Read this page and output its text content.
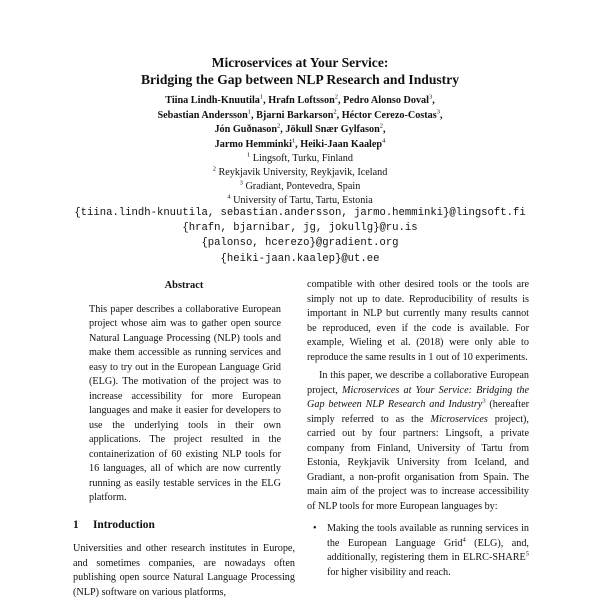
Microservices at Your Service:
Bridging the Gap between NLP Research and Industry
Tiina Lindh-Knuutila$^1$, Hrafn Loftsson$^2$, Pedro Alonso Doval$^3$,
Sebastian Andersson$^1$, Bjarni Barkarson$^2$, Héctor Cerezo-Costas$^3$,
Jón Guðnason$^2$, Jökull Snær Gylfason$^2$,
Jarmo Hemminki$^1$, Heiki-Jaan Kaalep$^4$
$^1$ Lingsoft, Turku, Finland
$^2$ Reykjavik University, Reykjavik, Iceland
$^3$ Gradiant, Pontevedra, Spain
$^4$ University of Tartu, Tartu, Estonia
{tiina.lindh-knuutila, sebastian.andersson, jarmo.hemminki}@lingsoft.fi
{hrafn, bjarnibar, jg, jokullg}@ru.is
{palonso, hcerezo}@gradient.org
{heiki-jaan.kaalep}@ut.ee
Abstract
This paper describes a collaborative European project whose aim was to gather open source Natural Language Processing (NLP) tools and make them accessible as running services and easy to try out in the European Language Grid (ELG). The motivation of the project was to increase accessibility for more European languages and make it easier for developers to use the underlying tools in their own applications. The project resulted in the containerization of 60 existing NLP tools for 16 languages, all of which are now currently running as easily testable services in the ELG platform.
1 Introduction

Universities and other research institutes in Europe, and sometimes companies, are nowadays often publishing open source Natural Language Processing (NLP) software on various platforms,

compatible with other desired tools or the tools are simply not up to date. Reproducibility of results is important in NLP but currently many results cannot be reproduced, even if the code is available. For example, Wieling et al. (2018) were only able to reproduce the same results in 1 out of 10 experiments.

In this paper, we describe a collaborative European project, Microservices at Your Service: Bridging the Gap between NLP Research and Industry$^3$ (hereafter simply referred to as the Microservices project), carried out by four partners: Lingsoft, a private company from Finland, University of Tartu from Estonia, Reykjavik University from Iceland, and Gradiant, a non-profit organisation from Spain. The main aim of the project was to increase accessibility of NLP tools for more European languages by:

• Making the tools available as running services in the European Language Grid$^4$ (ELG), and, additionally, registering them in ELRC-SHARE$^5$ for higher visibility and reach.
